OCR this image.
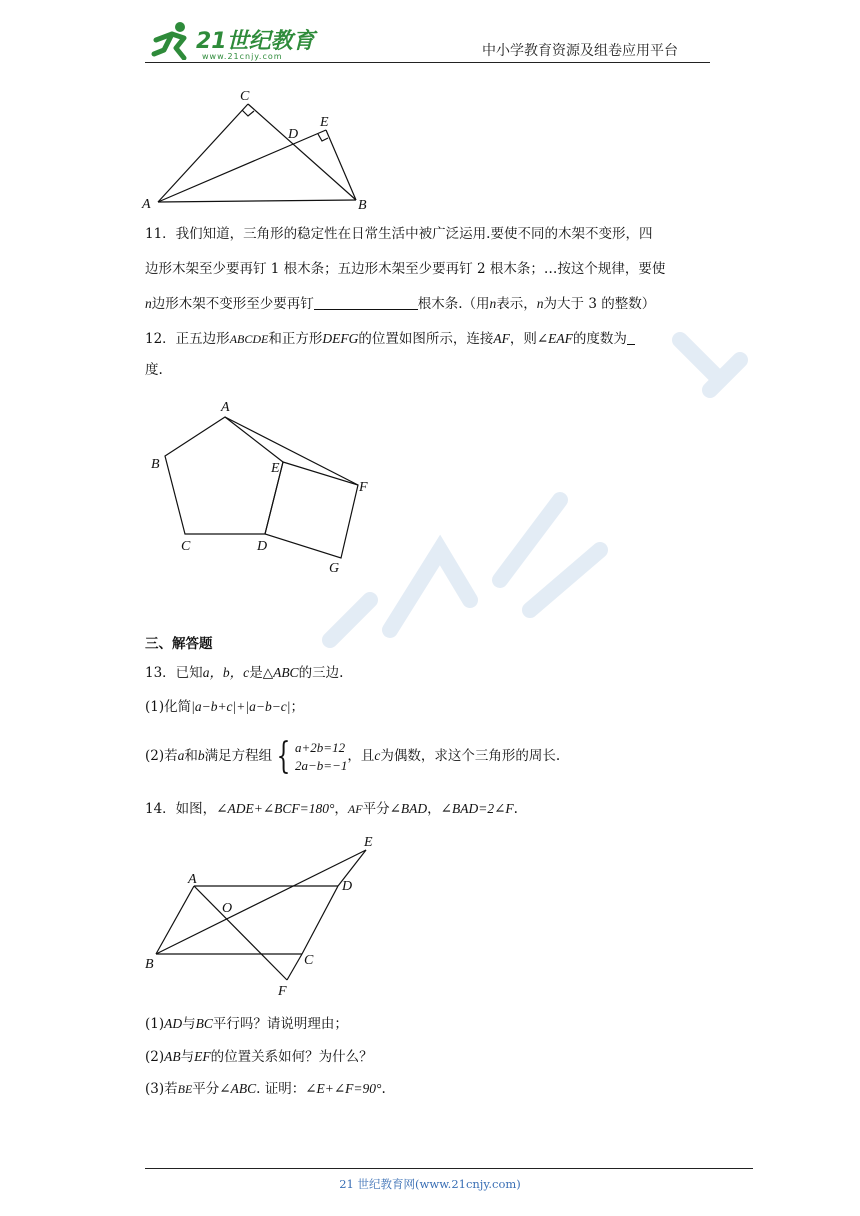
21世纪教育
www.21cnjy.com	中小学教育资源及组卷应用平台
A	B
C
D
E
11．我们知道，三角形的稳定性在日常生活中被广泛运用.要使不同的木架不变形，四
边形木架至少要再钉 1 根木条；五边形木架至少要再钉 2 根木条；…按这个规律，要使
n边形木架不变形至少要再钉	根木条.（用n表示，n为大于 3 的整数）
12．正五边形ABCDE和正方形DEFG的位置如图所示，连接AF，则∠EAF的度数为
度.
A
B
C	D
E
F
G
三、解答题
13．已知a，b，c是△ABC的三边.
(1)化简|a−b+c|+|a−b−c|；
(2)若a和b满足方程组 { a+2b=12
2a−b=−1，且c为偶数，求这个三角形的周长.
14．如图，∠ADE+∠BCF=180°，AF平分∠BAD，∠BAD=2∠F.
A
B	C
D
E
F
O
(1)AD与BC平行吗？请说明理由；
(2)AB与EF的位置关系如何？为什么？
(3)若BE平分∠ABC. 证明：∠E+∠F=90°.
21 世纪教育网(www.21cnjy.com)
